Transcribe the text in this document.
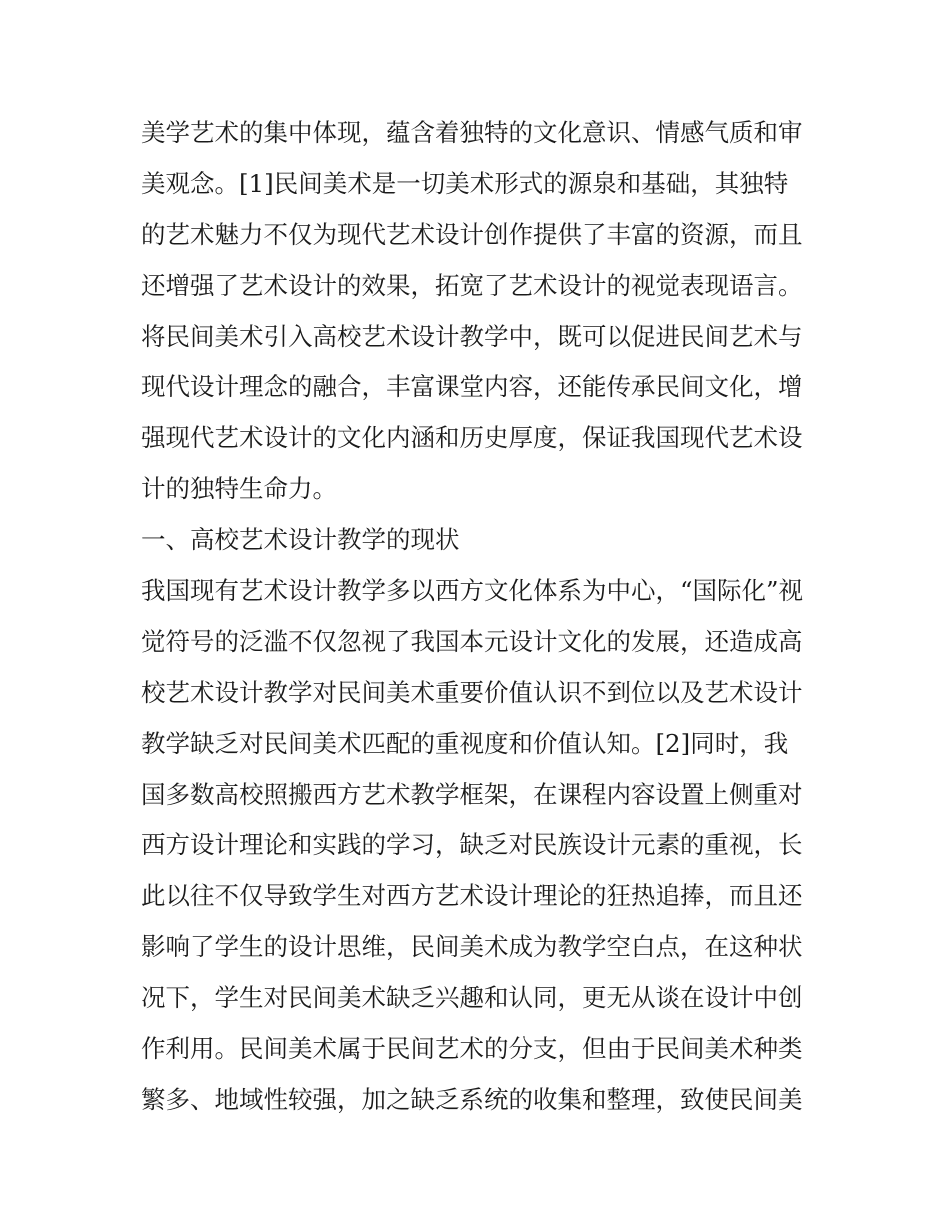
美学艺术的集中体现，蕴含着独特的文化意识、情感气质和审
美观念。[1]民间美术是一切美术形式的源泉和基础，其独特
的艺术魅力不仅为现代艺术设计创作提供了丰富的资源，而且
还增强了艺术设计的效果，拓宽了艺术设计的视觉表现语言。
将民间美术引入高校艺术设计教学中，既可以促进民间艺术与
现代设计理念的融合，丰富课堂内容，还能传承民间文化，增
强现代艺术设计的文化内涵和历史厚度，保证我国现代艺术设
计的独特生命力。
一、高校艺术设计教学的现状
我国现有艺术设计教学多以西方文化体系为中心，“国际化”视
觉符号的泛滥不仅忽视了我国本元设计文化的发展，还造成高
校艺术设计教学对民间美术重要价值认识不到位以及艺术设计
教学缺乏对民间美术匹配的重视度和价值认知。[2]同时，我
国多数高校照搬西方艺术教学框架，在课程内容设置上侧重对
西方设计理论和实践的学习，缺乏对民族设计元素的重视，长
此以往不仅导致学生对西方艺术设计理论的狂热追捧，而且还
影响了学生的设计思维，民间美术成为教学空白点，在这种状
况下，学生对民间美术缺乏兴趣和认同，更无从谈在设计中创
作利用。民间美术属于民间艺术的分支，但由于民间美术种类
繁多、地域性较强，加之缺乏系统的收集和整理，致使民间美
